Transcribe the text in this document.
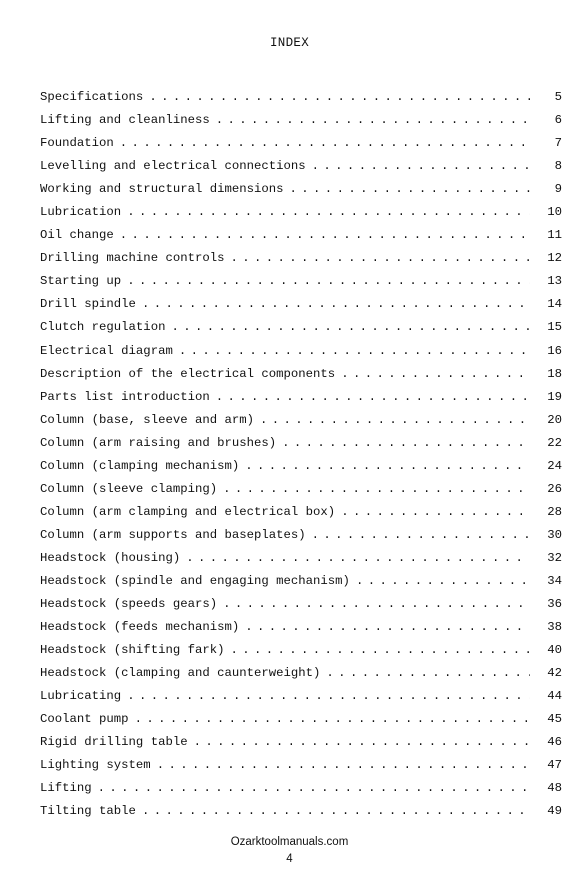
INDEX
Specifications . . .	5
Lifting and cleanliness . . .	6
Foundation . . .	7
Levelling and electrical connections . . .	8
Working and structural dimensions . . .	9
Lubrication . . .	10
Oil change . . .	11
Drilling machine controls . . .	12
Starting up . . .	13
Drill spindle . . .	14
Clutch regulation . . .	15
Electrical diagram . . .	16
Description of the electrical components . . .	18
Parts list introduction . . .	19
Column (base, sleeve and arm) . . .	20
Column (arm raising and brushes) . . .	22
Column (clamping mechanism) . . .	24
Column (sleeve clamping) . . .	26
Column (arm clamping and electrical box) . . .	28
Column (arm supports and baseplates) . . .	30
Headstock (housing) . . .	32
Headstock (spindle and engaging mechanism) . . .	34
Headstock (speeds gears) . . .	36
Headstock (feeds mechanism) . . .	38
Headstock (shifting fark) . . .	40
Headstock (clamping and caunterweight) . . .	42
Lubricating . . .	44
Coolant pump . . .	45
Rigid drilling table . . .	46
Lighting system . . .	47
Lifting . . .	48
Tilting table . . .	49
Ozarktoolmanuals.com
4
